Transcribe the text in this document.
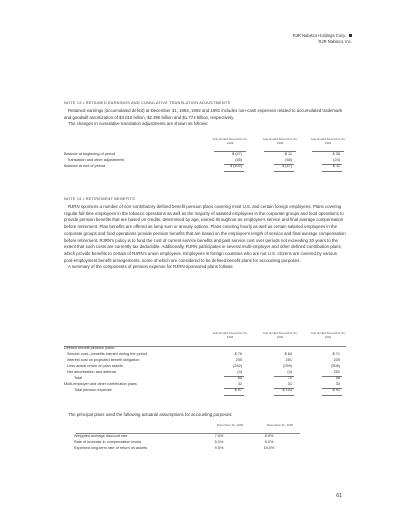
RJR Nabisco Holdings Corp.
RJR Nabisco, Inc.
NOTE 13 • RETAINED EARNINGS AND CUMULATIVE TRANSLATION ADJUSTMENTS

Retained earnings (accumulated deficit) at December 31, 1993, 1992 and 1991 includes non-cash expenses related to accumulated trademark and goodwill amortization of $3.015 billion, $2.390 billion and $1.774 billion, respectively.

The changes in cumulative translation adjustments are shown as follows:

Year Ended December 31, 1993
Year Ended December 31, 1992
Year Ended December 31, 1991
Balance at beginning of period	$ (47)	$ 11	$ 35
Translation and other adjustments	(55)	(58)	(24)
Balance at end of period	$ (102)	$ (47)	$ 11
NOTE 14 • RETIREMENT BENEFITS

RJRN sponsors a number of non-contributory defined benefit pension plans covering most U.S. and certain foreign employees. Plans covering regular full-time employees in the tobacco operations as well as the majority of salaried employees in the corporate groups and food operations to provide pension benefits that are based on credits, determined by age, earned throughout an employee's service and final average compensation before retirement. Plan benefits are offered as lump sum or annuity options. Plans covering hourly as well as certain salaried employees in the corporate groups and food operations provide pension benefits that are based on the employee's length of service and final average compensation before retirement. RJRN's policy is to fund the cost of current service benefits and past service cost over periods not exceeding 30 years to the extent that such costs are currently tax deductible. Additionally, RJRN participates in several multi-employer and other defined contribution plans, which provide benefits to certain of RJRN's union employees. Employees in foreign countries who are not U.S. citizens are covered by various post-employment benefit arrangements, some of which are considered to be defined benefit plans for accounting purposes.

A summary of the components of pension expense for RJRN-sponsored plans follows:

Year Ended December 31, 1993
Year Ended December 31, 1992
Year Ended December 31, 1991
Defined benefit pension plans:
Service cost—benefits earned during the period	$ 76	$ 84	$ 71
Interest cost on projected benefit obligation	255	251	239
Less actual return on plan assets	(262)	(259)	(506)
Net amortization and deferral	(4)	(4)	252
Total	65	72	56
Multi-employer and other contribution plans	32	31	33
Total pension expense	$ 97	$ 103	$ 91

The principal plans used the following actuarial assumptions for accounting purposes:

December 31, 1993	December 31, 1992
Weighted average discount rate	7.5%	8.5%
Rate of increase in compensation levels	5.0%	5.0%
Expected long-term rate of return on assets	9.5%	10.0%
61
